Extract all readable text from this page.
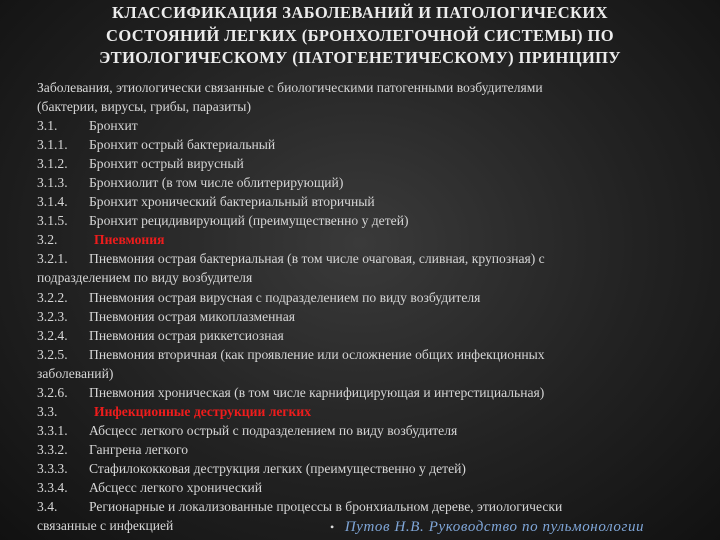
КЛАССИФИКАЦИЯ ЗАБОЛЕВАНИЙ И ПАТОЛОГИЧЕСКИХ
СОСТОЯНИЙ ЛЕГКИХ (БРОНХОЛЕГОЧНОЙ СИСТЕМЫ) ПО
ЭТИОЛОГИЧЕСКОМУ (ПАТОГЕНЕТИЧЕСКОМУ) ПРИНЦИПУ
Заболевания, этиологически связанные с биологическими патогенными возбудителями
(бактерии, вирусы, грибы, паразиты)
3.1. Бронхит
3.1.1. Бронхит острый бактериальный
3.1.2. Бронхит острый вирусный
3.1.3. Бронхиолит (в том числе облитерирующий)
3.1.4. Бронхит хронический бактериальный вторичный
3.1.5. Бронхит рецидивирующий (преимущественно у детей)
3.2.	Пневмония
3.2.1. Пневмония острая бактериальная (в том числе очаговая, сливная, крупозная) с
подразделением по виду возбудителя
3.2.2. Пневмония острая вирусная с подразделением по виду возбудителя
3.2.3. Пневмония острая микоплазменная
3.2.4. Пневмония острая риккетсиозная
3.2.5. Пневмония вторичная (как проявление или осложнение общих инфекционных
заболеваний)
3.2.6. Пневмония хроническая (в том числе карнифицирующая и интерстициальная)
3.3.	Инфекционные деструкции легких
3.3.1. Абсцесс легкого острый с подразделением по виду возбудителя
3.3.2. Гангрена легкого
3.3.3. Стафилококковая деструкция легких (преимущественно у детей)
3.3.4. Абсцесс легкого хронический
3.4. Регионарные и локализованные процессы в бронхиальном дереве, этиологически
связанные с инфекцией	• Путов Н.В. Руководство по пульмонологии
